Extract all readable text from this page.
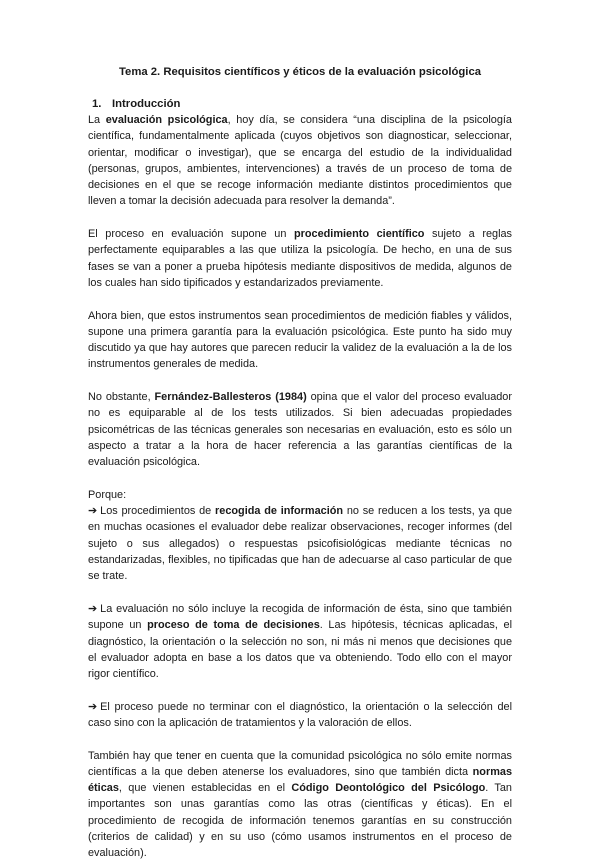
Tema 2. Requisitos científicos y éticos de la evaluación psicológica
1. Introducción

La evaluación psicológica, hoy día, se considera “una disciplina de la psicología científica, fundamentalmente aplicada (cuyos objetivos son diagnosticar, seleccionar, orientar, modificar o investigar), que se encarga del estudio de la individualidad (personas, grupos, ambientes, intervenciones) a través de un proceso de toma de decisiones en el que se recoge información mediante distintos procedimientos que lleven a tomar la decisión adecuada para resolver la demanda”.

El proceso en evaluación supone un procedimiento científico sujeto a reglas perfectamente equiparables a las que utiliza la psicología. De hecho, en una de sus fases se van a poner a prueba hipótesis mediante dispositivos de medida, algunos de los cuales han sido tipificados y estandarizados previamente.

Ahora bien, que estos instrumentos sean procedimientos de medición fiables y válidos, supone una primera garantía para la evaluación psicológica. Este punto ha sido muy discutido ya que hay autores que parecen reducir la validez de la evaluación a la de los instrumentos generales de medida.

No obstante, Fernández-Ballesteros (1984) opina que el valor del proceso evaluador no es equiparable al de los tests utilizados. Si bien adecuadas propiedades psicométricas de las técnicas generales son necesarias en evaluación, esto es sólo un aspecto a tratar a la hora de hacer referencia a las garantías científicas de la evaluación psicológica.

Porque:

➔ Los procedimientos de recogida de información no se reducen a los tests, ya que en muchas ocasiones el evaluador debe realizar observaciones, recoger informes (del sujeto o sus allegados) o respuestas psicofisiológicas mediante técnicas no estandarizadas, flexibles, no tipificadas que han de adecuarse al caso particular de que se trate.

➔ La evaluación no sólo incluye la recogida de información de ésta, sino que también supone un proceso de toma de decisiones. Las hipótesis, técnicas aplicadas, el diagnóstico, la orientación o la selección no son, ni más ni menos que decisiones que el evaluador adopta en base a los datos que va obteniendo. Todo ello con el mayor rigor científico.

➔ El proceso puede no terminar con el diagnóstico, la orientación o la selección del caso sino con la aplicación de tratamientos y la valoración de ellos.

También hay que tener en cuenta que la comunidad psicológica no sólo emite normas científicas a la que deben atenerse los evaluadores, sino que también dicta normas éticas, que vienen establecidas en el Código Deontológico del Psicólogo. Tan importantes son unas garantías como las otras (científicas y éticas). En el procedimiento de recogida de información tenemos garantías en su construcción (criterios de calidad) y en su uso (cómo usamos instrumentos en el proceso de evaluación).
